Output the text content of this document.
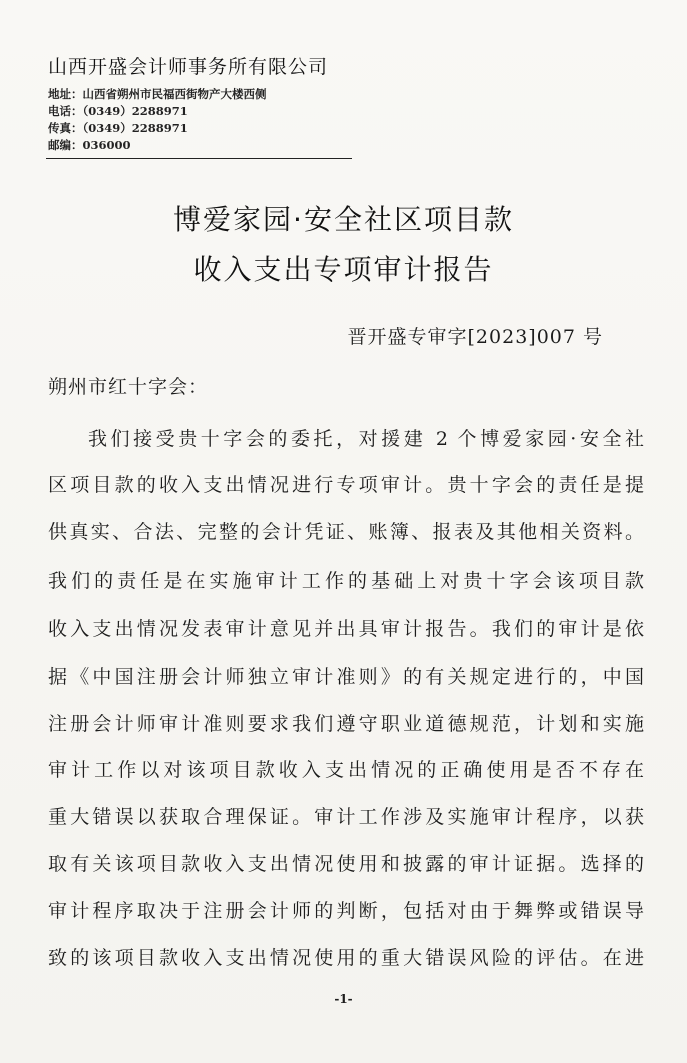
山西开盛会计师事务所有限公司
地址：山西省朔州市民福西街物产大楼西侧
电话：（0349）2288971
传真：（0349）2288971
邮编：036000
博爱家园·安全社区项目款
收入支出专项审计报告
晋开盛专审字[2023]007 号
朔州市红十字会：
我们接受贵十字会的委托，对援建 2 个博爱家园·安全社
区项目款的收入支出情况进行专项审计。贵十字会的责任是提
供真实、合法、完整的会计凭证、账簿、报表及其他相关资料。
我们的责任是在实施审计工作的基础上对贵十字会该项目款
收入支出情况发表审计意见并出具审计报告。我们的审计是依
据《中国注册会计师独立审计准则》的有关规定进行的，中国
注册会计师审计准则要求我们遵守职业道德规范，计划和实施
审计工作以对该项目款收入支出情况的正确使用是否不存在
重大错误以获取合理保证。审计工作涉及实施审计程序，以获
取有关该项目款收入支出情况使用和披露的审计证据。选择的
审计程序取决于注册会计师的判断，包括对由于舞弊或错误导
致的该项目款收入支出情况使用的重大错误风险的评估。在进
-1-
